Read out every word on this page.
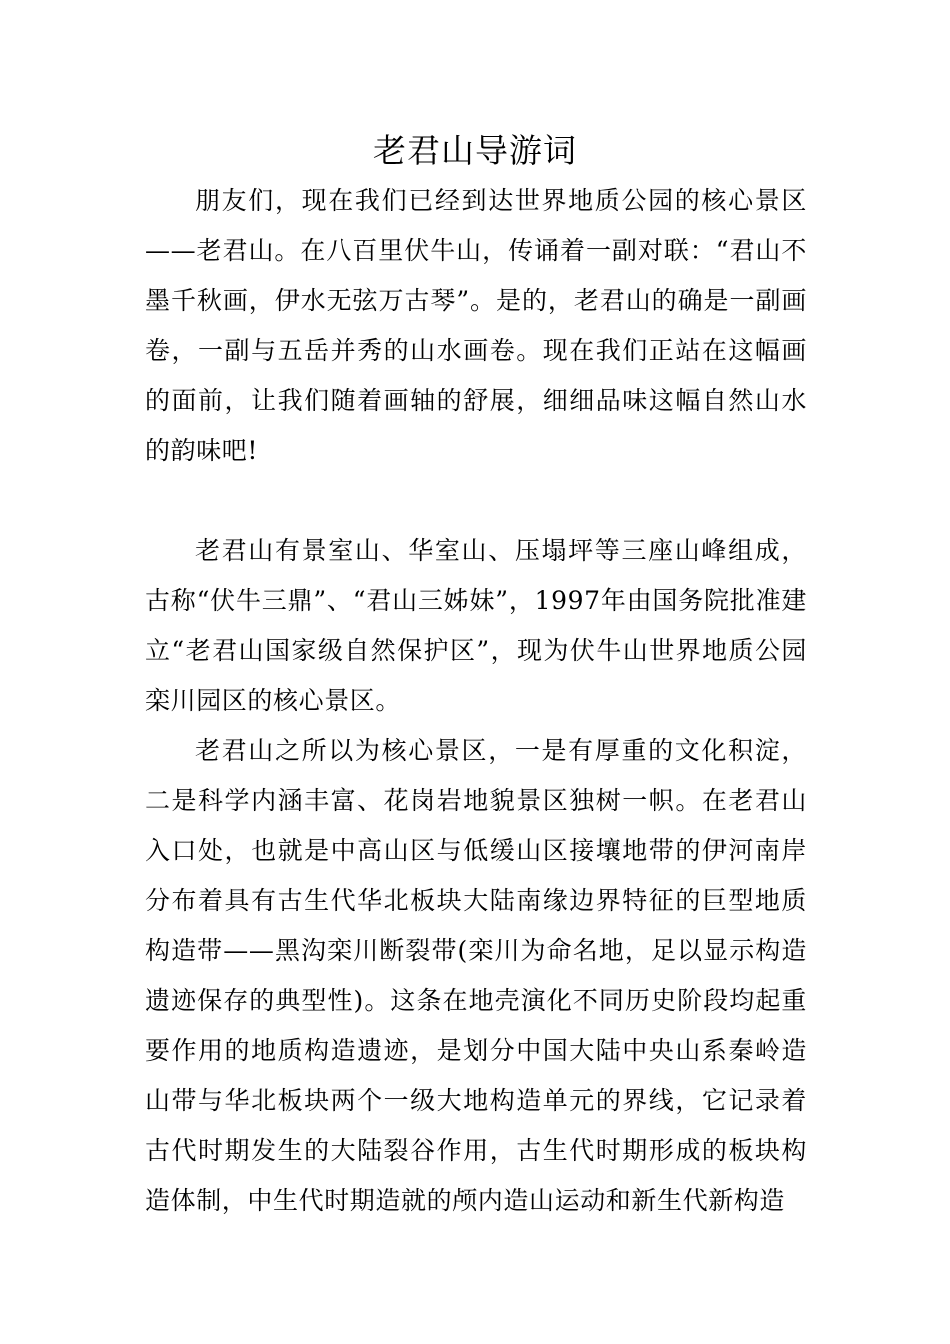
老君山导游词

朋友们，现在我们已经到达世界地质公园的核心景区——老君山。在八百里伏牛山，传诵着一副对联：“君山不墨千秋画，伊水无弦万古琴”。是的，老君山的确是一副画卷，一副与五岳并秀的山水画卷。现在我们正站在这幅画的面前，让我们随着画轴的舒展，细细品味这幅自然山水的韵味吧!

老君山有景室山、华室山、压塌坪等三座山峰组成，古称“伏牛三鼎”、“君山三姊妹”，1997年由国务院批准建立“老君山国家级自然保护区”，现为伏牛山世界地质公园栾川园区的核心景区。

老君山之所以为核心景区，一是有厚重的文化积淀，二是科学内涵丰富、花岗岩地貌景区独树一帜。在老君山入口处，也就是中高山区与低缓山区接壤地带的伊河南岸分布着具有古生代华北板块大陆南缘边界特征的巨型地质构造带——黑沟栾川断裂带(栾川为命名地，足以显示构造遗迹保存的典型性)。这条在地壳演化不同历史阶段均起重要作用的地质构造遗迹，是划分中国大陆中央山系秦岭造山带与华北板块两个一级大地构造单元的界线，它记录着古代时期发生的大陆裂谷作用，古生代时期形成的板块构造体制，中生代时期造就的颅内造山运动和新生代新构造
